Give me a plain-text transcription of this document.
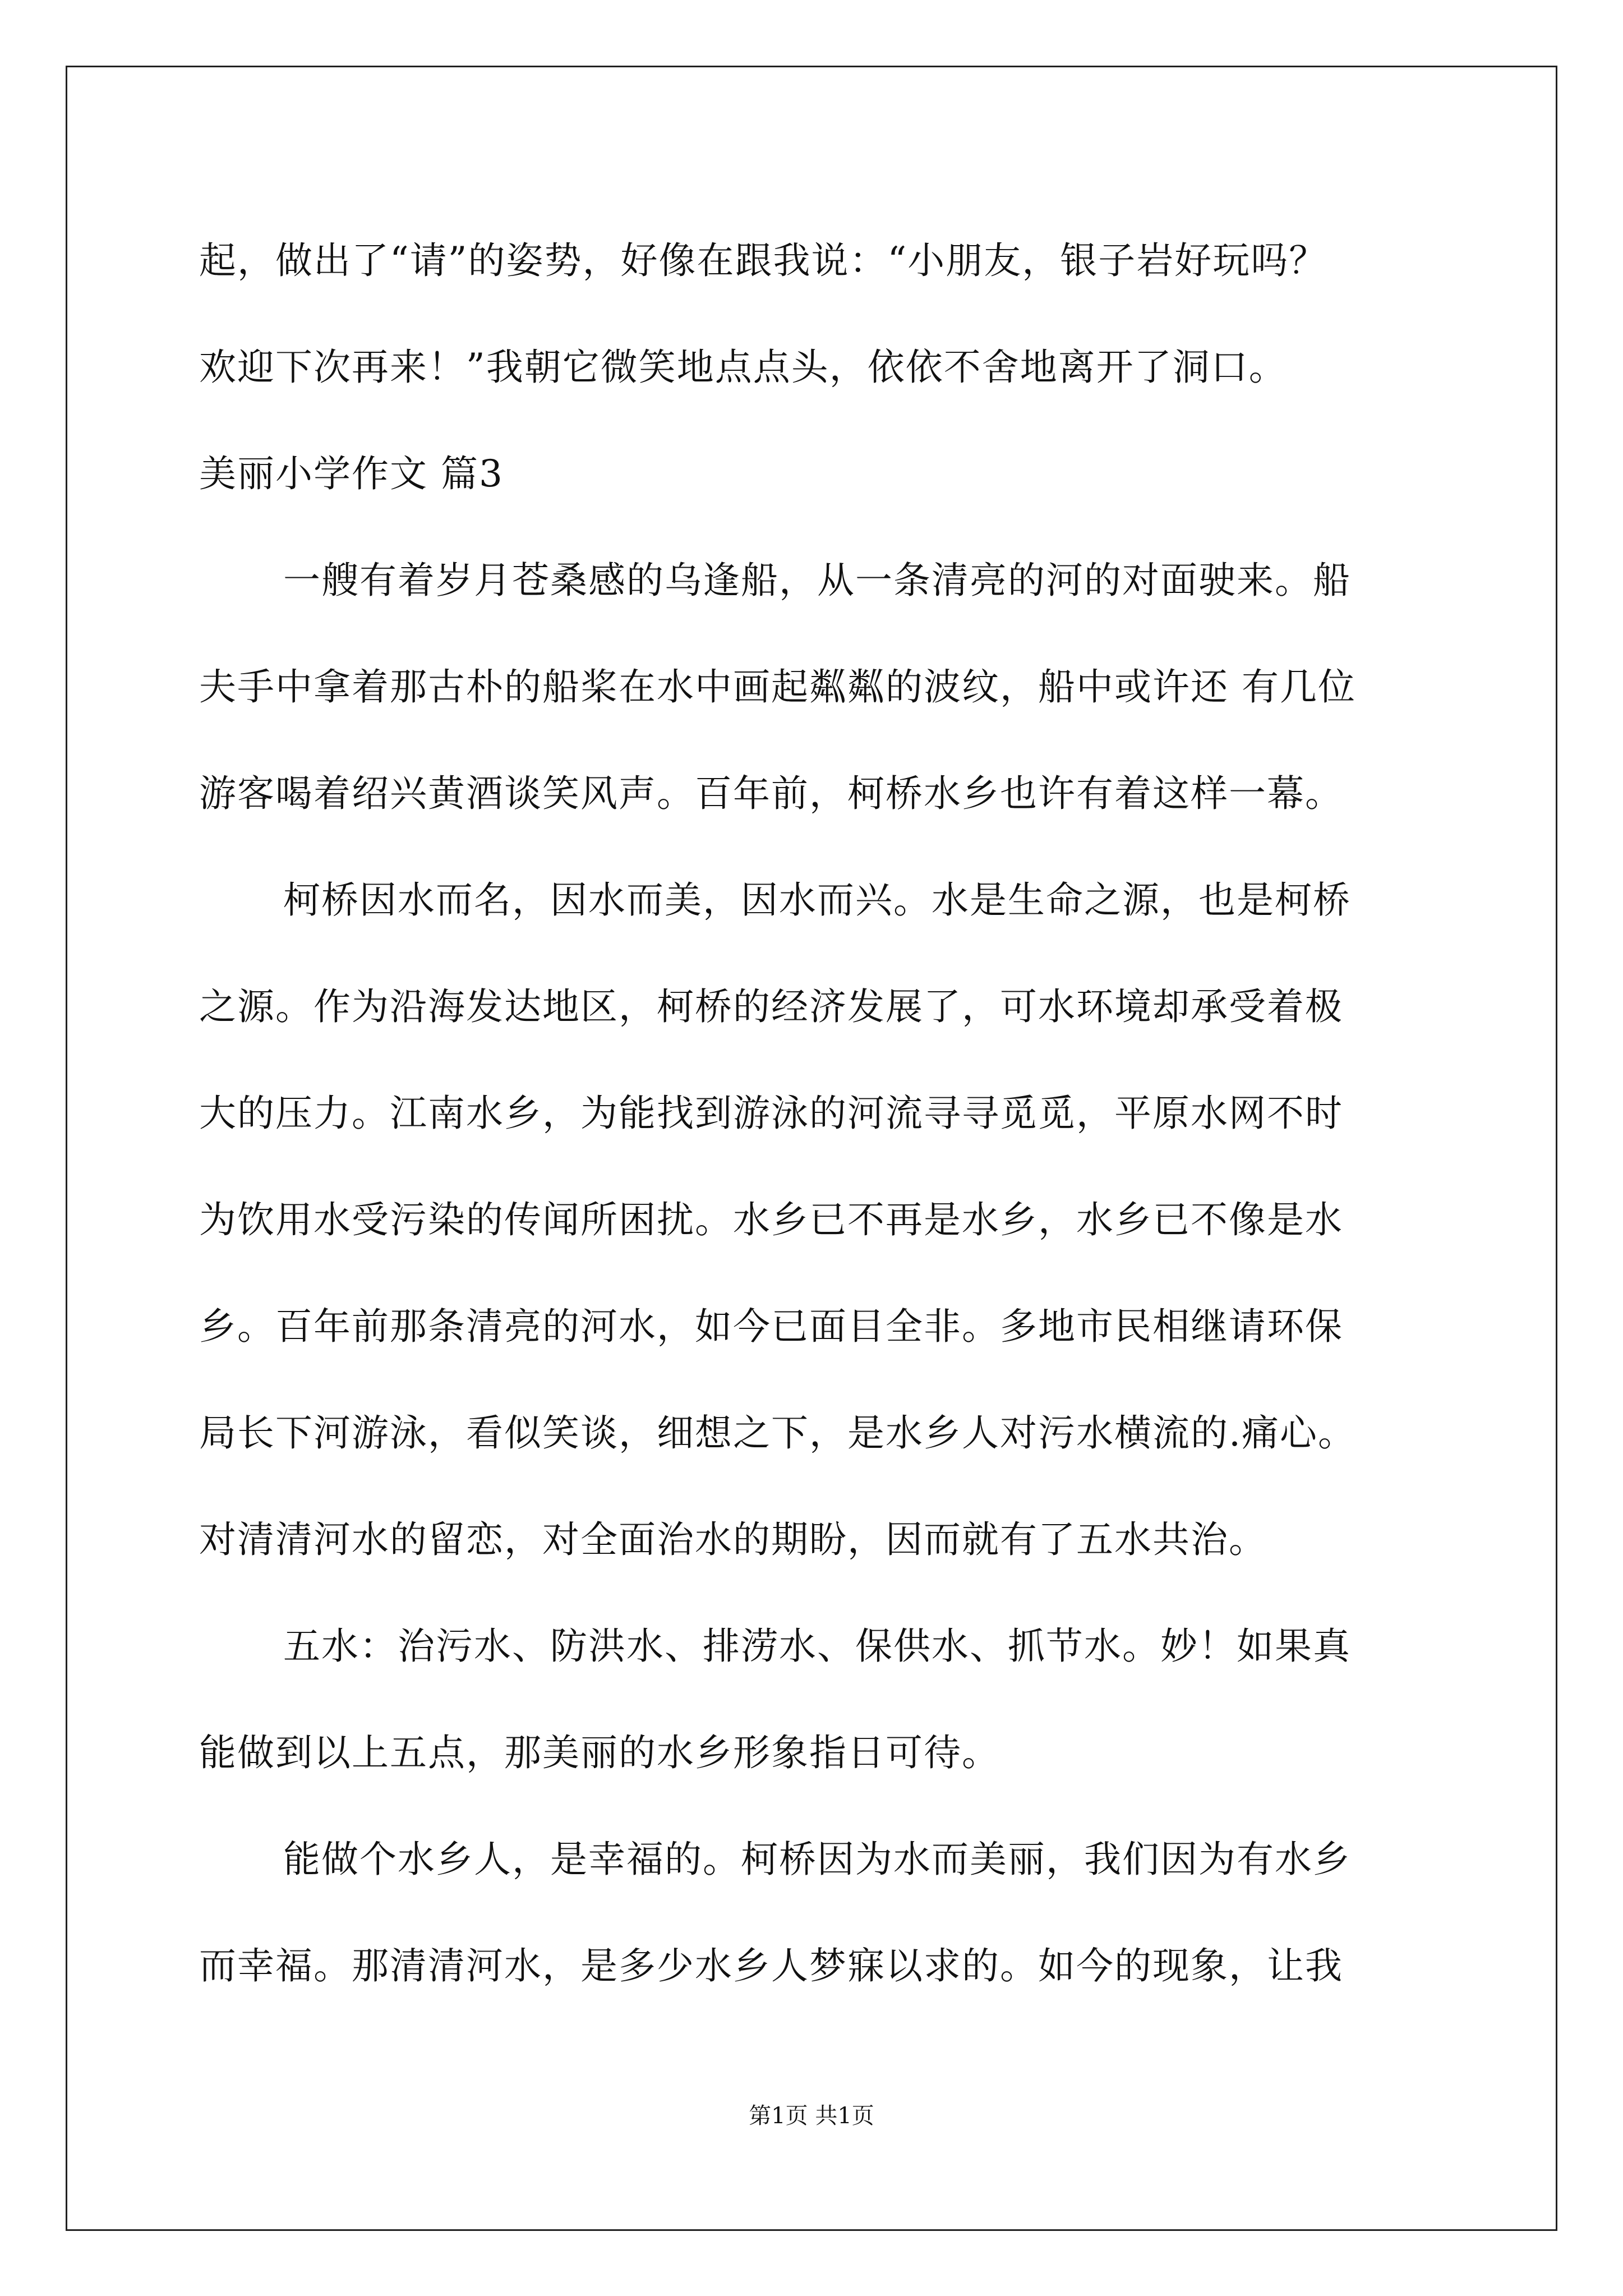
起，做出了“请”的姿势，好像在跟我说：“小朋友，银子岩好玩吗？
欢迎下次再来！”我朝它微笑地点点头，依依不舍地离开了洞口。
美丽小学作文 篇3
一艘有着岁月苍桑感的乌逢船，从一条清亮的河的对面驶来。船
夫手中拿着那古朴的船桨在水中画起粼粼的波纹，船中或许还 有几位
游客喝着绍兴黄酒谈笑风声。百年前，柯桥水乡也许有着这样一幕。
柯桥因水而名，因水而美，因水而兴。水是生命之源，也是柯桥
之源。作为沿海发达地区，柯桥的经济发展了，可水环境却承受着极
大的压力。江南水乡，为能找到游泳的河流寻寻觅觅，平原水网不时
为饮用水受污染的传闻所困扰。水乡已不再是水乡，水乡已不像是水
乡。百年前那条清亮的河水，如今已面目全非。多地市民相继请环保
局长下河游泳，看似笑谈，细想之下，是水乡人对污水横流的.痛心。
对清清河水的留恋，对全面治水的期盼，因而就有了五水共治。
五水：治污水、防洪水、排涝水、保供水、抓节水。妙！如果真
能做到以上五点，那美丽的水乡形象指日可待。
能做个水乡人，是幸福的。柯桥因为水而美丽，我们因为有水乡
而幸福。那清清河水，是多少水乡人梦寐以求的。如今的现象，让我
第1页 共1页
